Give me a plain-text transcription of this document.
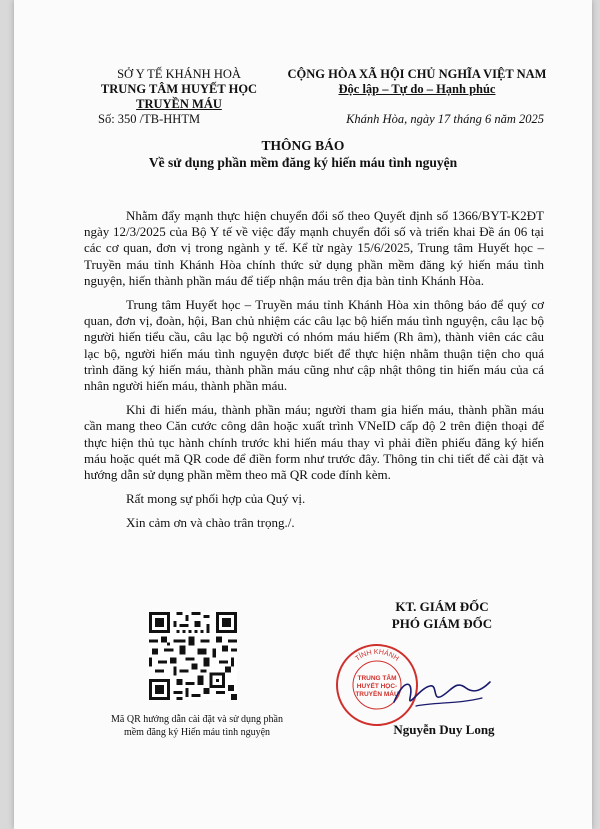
SỞ Y TẾ KHÁNH HOÀ
TRUNG TÂM HUYẾT HỌC
TRUYỀN MÁU
Số: 350 /TB-HHTM
CỘNG HÒA XÃ HỘI CHỦ NGHĨA VIỆT NAM
Độc lập – Tự do – Hạnh phúc
Khánh Hòa, ngày 17 tháng 6 năm 2025
THÔNG BÁO
Về sử dụng phần mềm đăng ký hiến máu tình nguyện

Nhằm đẩy mạnh thực hiện chuyển đổi số theo Quyết định số 1366/BYT-K2ĐT ngày 12/3/2025 của Bộ Y tế về việc đẩy mạnh chuyển đổi số và triển khai Đề án 06 tại các cơ quan, đơn vị trong ngành y tế. Kể từ ngày 15/6/2025, Trung tâm Huyết học – Truyền máu tỉnh Khánh Hòa chính thức sử dụng phần mềm đăng ký hiến máu tình nguyện, hiến thành phần máu để tiếp nhận máu trên địa bàn tỉnh Khánh Hòa.

Trung tâm Huyết học – Truyền máu tỉnh Khánh Hòa xin thông báo để quý cơ quan, đơn vị, đoàn, hội, Ban chủ nhiệm các câu lạc bộ hiến máu tình nguyện, câu lạc bộ người hiến tiểu cầu, câu lạc bộ người có nhóm máu hiếm (Rh âm), thành viên các câu lạc bộ, người hiến máu tình nguyện được biết để thực hiện nhằm thuận tiện cho quá trình đăng ký hiến máu, thành phần máu cũng như cập nhật thông tin hiến máu của cá nhân người hiến máu, thành phần máu.

Khi đi hiến máu, thành phần máu; người tham gia hiến máu, thành phần máu cần mang theo Căn cước công dân hoặc xuất trình VNeID cấp độ 2 trên điện thoại để thực hiện thủ tục hành chính trước khi hiến máu thay vì phải điền phiếu đăng ký hiến máu hoặc quét mã QR code để điền form như trước đây. Thông tin chi tiết để cài đặt và hướng dẫn sử dụng phần mềm theo mã QR code đính kèm.

Rất mong sự phối hợp của Quý vị.

Xin cảm ơn và chào trân trọng./.

KT. GIÁM ĐỐC
PHÓ GIÁM ĐỐC
Mã QR hướng dẫn cài đặt và sử dụng phần mềm đăng ký Hiến máu tình nguyện
TỈNH KHÁNH
TRUNG TÂM
HUYẾT HỌC-
TRUYỀN MÁU
Nguyễn Duy Long
